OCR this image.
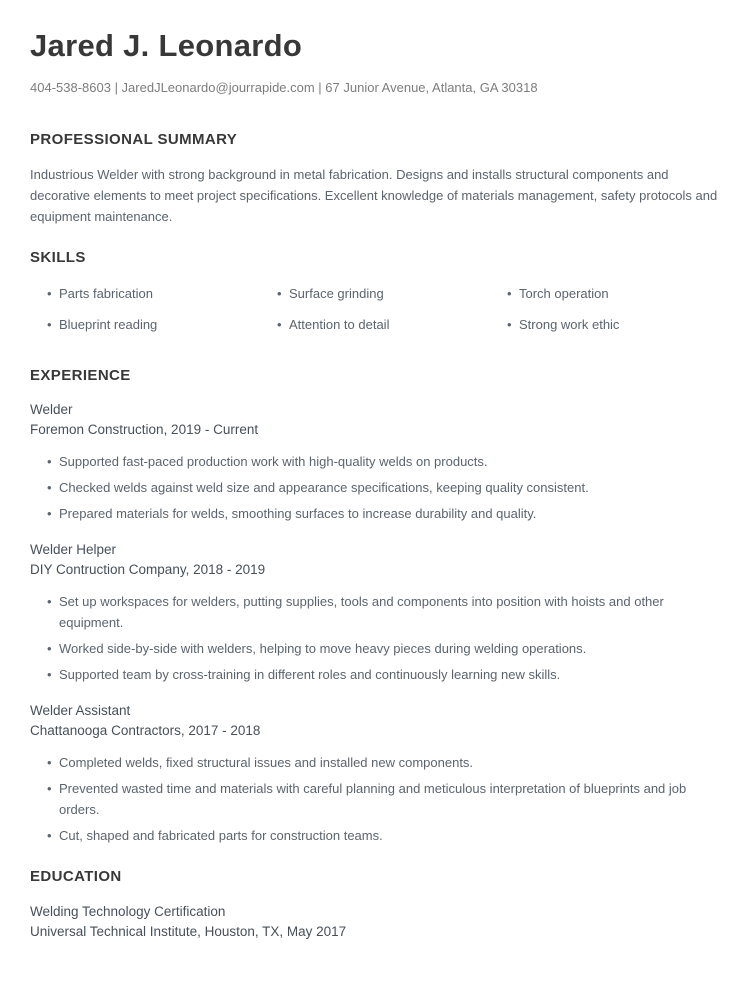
Jared J. Leonardo
404-538-8603 | JaredJLeonardo@jourrapide.com | 67 Junior Avenue, Atlanta, GA 30318
PROFESSIONAL SUMMARY

Industrious Welder with strong background in metal fabrication. Designs and installs structural components and decorative elements to meet project specifications. Excellent knowledge of materials management, safety protocols and equipment maintenance.

SKILLS
• Parts fabrication	• Surface grinding	• Torch operation
• Blueprint reading	• Attention to detail	• Strong work ethic
EXPERIENCE
Welder
Foremon Construction, 2019 - Current
• Supported fast-paced production work with high-quality welds on products.
• Checked welds against weld size and appearance specifications, keeping quality consistent.
• Prepared materials for welds, smoothing surfaces to increase durability and quality.
Welder Helper
DIY Contruction Company, 2018 - 2019
• Set up workspaces for welders, putting supplies, tools and components into position with hoists and other equipment.
• Worked side-by-side with welders, helping to move heavy pieces during welding operations.
• Supported team by cross-training in different roles and continuously learning new skills.
Welder Assistant
Chattanooga Contractors, 2017 - 2018
• Completed welds, fixed structural issues and installed new components.
• Prevented wasted time and materials with careful planning and meticulous interpretation of blueprints and job orders.
• Cut, shaped and fabricated parts for construction teams.
EDUCATION
Welding Technology Certification
Universal Technical Institute, Houston, TX, May 2017
